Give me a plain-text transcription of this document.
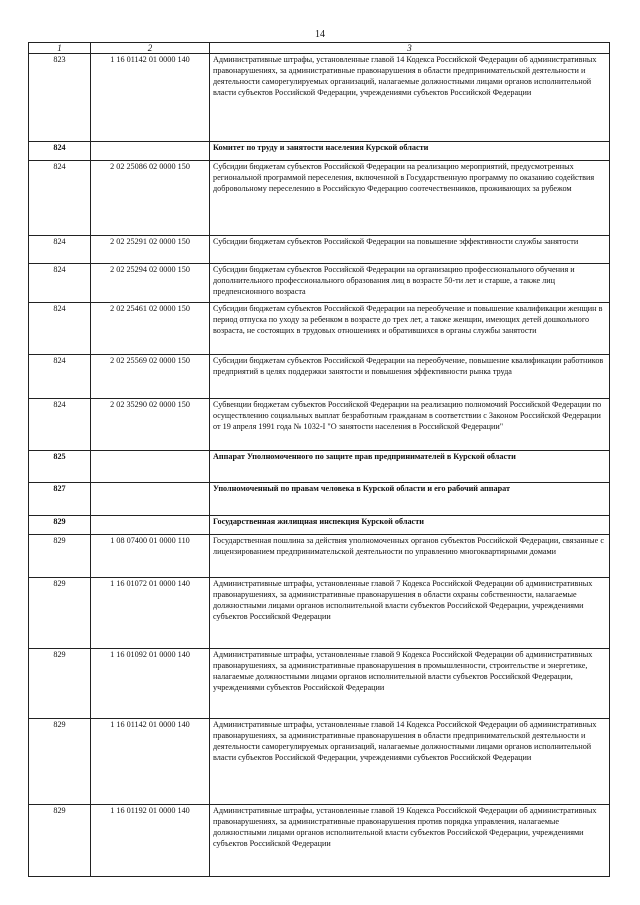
14
1	2	3
823	1 16 01142 01 0000 140	Административные штрафы, установленные главой 14 Кодекса Российской Федерации об административных правонарушениях, за административные правонарушения в области предпринимательской деятельности и деятельности саморегулируемых организаций, налагаемые должностными лицами органов исполнительной власти субъектов Российской Федерации, учреждениями субъектов Российской Федерации
824		Комитет по труду и занятости населения Курской области
824	2 02 25086 02 0000 150	Субсидии бюджетам субъектов Российской Федерации на реализацию мероприятий, предусмотренных региональной программой переселения, включенной в Государственную программу по оказанию содействия добровольному переселению в Российскую Федерацию соотечественников, проживающих за рубежом
824	2 02 25291 02 0000 150	Субсидии бюджетам субъектов Российской Федерации на повышение эффективности службы занятости
824	2 02 25294 02 0000 150	Субсидии бюджетам субъектов Российской Федерации на организацию профессионального обучения и дополнительного профессионального образования лиц в возрасте 50-ти лет и старше, а также лиц предпенсионного возраста
824	2 02 25461 02 0000 150	Субсидии бюджетам субъектов Российской Федерации на переобучение и повышение квалификации женщин в период отпуска по уходу за ребенком в возрасте до трех лет, а также женщин, имеющих детей дошкольного возраста, не состоящих в трудовых отношениях и обратившихся в органы службы занятости
824	2 02 25569 02 0000 150	Субсидии бюджетам субъектов Российской Федерации на переобучение, повышение квалификации работников предприятий в целях поддержки занятости и повышения эффективности рынка труда
824	2 02 35290 02 0000 150	Субвенции бюджетам субъектов Российской Федерации на реализацию полномочий Российской Федерации по осуществлению социальных выплат безработным гражданам в соответствии с Законом Российской Федерации от 19 апреля 1991 года № 1032-I "О занятости населения в Российской Федерации"
825		Аппарат Уполномоченного по защите прав предпринимателей в Курской области
827		Уполномоченный по правам человека в Курской области и его рабочий аппарат
829		Государственная жилищная инспекция Курской области
829	1 08 07400 01 0000 110	Государственная пошлина за действия уполномоченных органов субъектов Российской Федерации, связанные с лицензированием предпринимательской деятельности по управлению многоквартирными домами
829	1 16 01072 01 0000 140	Административные штрафы, установленные главой 7 Кодекса Российской Федерации об административных правонарушениях, за административные правонарушения в области охраны собственности, налагаемые должностными лицами органов исполнительной власти субъектов Российской Федерации, учреждениями субъектов Российской Федерации
829	1 16 01092 01 0000 140	Административные штрафы, установленные главой 9 Кодекса Российской Федерации об административных правонарушениях, за административные правонарушения в промышленности, строительстве и энергетике, налагаемые должностными лицами органов исполнительной власти субъектов Российской Федерации, учреждениями субъектов Российской Федерации
829	1 16 01142 01 0000 140	Административные штрафы, установленные главой 14 Кодекса Российской Федерации об административных правонарушениях, за административные правонарушения в области предпринимательской деятельности и деятельности саморегулируемых организаций, налагаемые должностными лицами органов исполнительной власти субъектов Российской Федерации, учреждениями субъектов Российской Федерации
829	1 16 01192 01 0000 140	Административные штрафы, установленные главой 19 Кодекса Российской Федерации об административных правонарушениях, за административные правонарушения против порядка управления, налагаемые должностными лицами органов исполнительной власти субъектов Российской Федерации, учреждениями субъектов Российской Федерации
